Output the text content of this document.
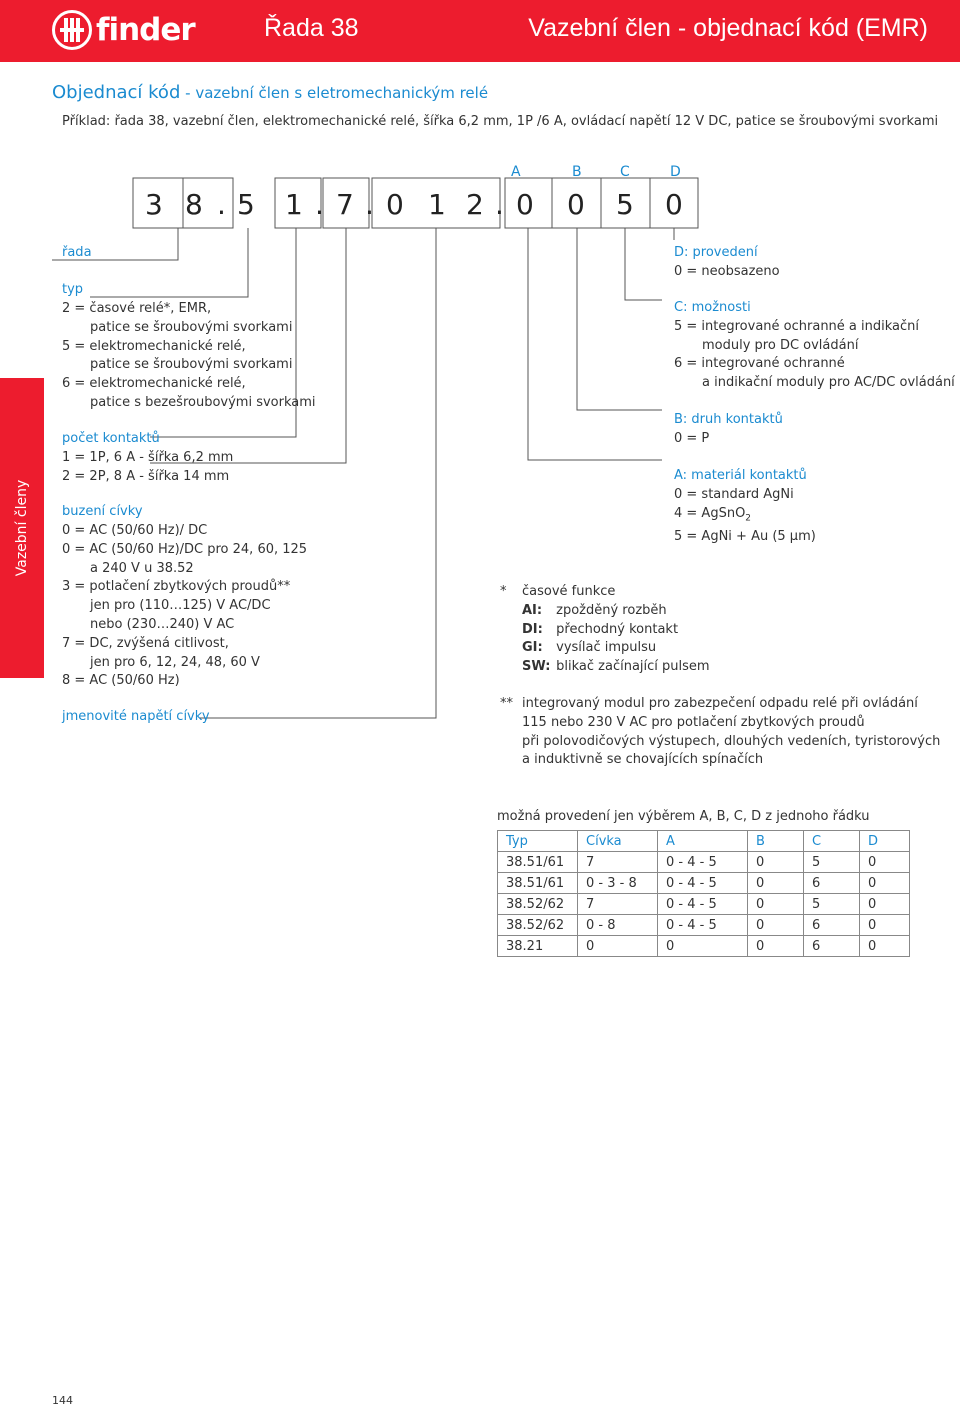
finder	Řada 38	Vazební člen - objednací kód (EMR)
Vazební členy
Objednací kód - vazební člen s eletromechanickým relé
Příklad: řada 38, vazební člen, elektromechanické relé, šířka 6,2 mm, 1P /6 A, ovládací napětí 12 V DC, patice se šroubovými svorkami
A	B	C	D
3 8 . 5 1 . 7 . 0 1 2 . 0 0 5 0
řada
typ
2 = časové relé*, EMR,
patice se šroubovými svorkami
5 = elektromechanické relé,
patice se šroubovými svorkami
6 = elektromechanické relé,
patice s bezešroubovými svorkami
počet kontaktů
1 = 1P, 6 A - šířka 6,2 mm
2 = 2P, 8 A - šířka 14 mm
buzení cívky
0 = AC (50/60 Hz)/ DC
0 = AC (50/60 Hz)/DC pro 24, 60, 125
a 240 V u 38.52
3 = potlačení zbytkových proudů**
jen pro (110…125) V AC/DC
nebo (230…240) V AC
7 = DC, zvýšená citlivost,
jen pro 6, 12, 24, 48, 60 V
8 = AC (50/60 Hz)
jmenovité napětí cívky
D: provedení
0 = neobsazeno
C: možnosti
5 = integrované ochranné a indikační
moduly pro DC ovládání
6 = integrované ochranné
a indikační moduly pro AC/DC ovládání
B: druh kontaktů
0 = P
A: materiál kontaktů
0 = standard AgNi
4 = AgSnO$_2$
5 = AgNi + Au (5 µm)
* časové funkce
AI: zpožděný rozběh
DI: přechodný kontakt
GI: vysílač impulsu
SW: blikač začínající pulsem
** integrovaný modul pro zabezpečení odpadu relé při ovládání
115 nebo 230 V AC pro potlačení zbytkových proudů
při polovodičových výstupech, dlouhých vedeních, tyristorových
a induktivně se chovajících spínačích
možná provedení jen výběrem A, B, C, D z jednoho řádku
Typ	Cívka	A	B	C	D
38.51/61	7	0 - 4 - 5	0	5	0
38.51/61	0 - 3 - 8	0 - 4 - 5	0	6	0
38.52/62	7	0 - 4 - 5	0	5	0
38.52/62	0 - 8	0 - 4 - 5	0	6	0
38.21	0	0	0	6	0
144
